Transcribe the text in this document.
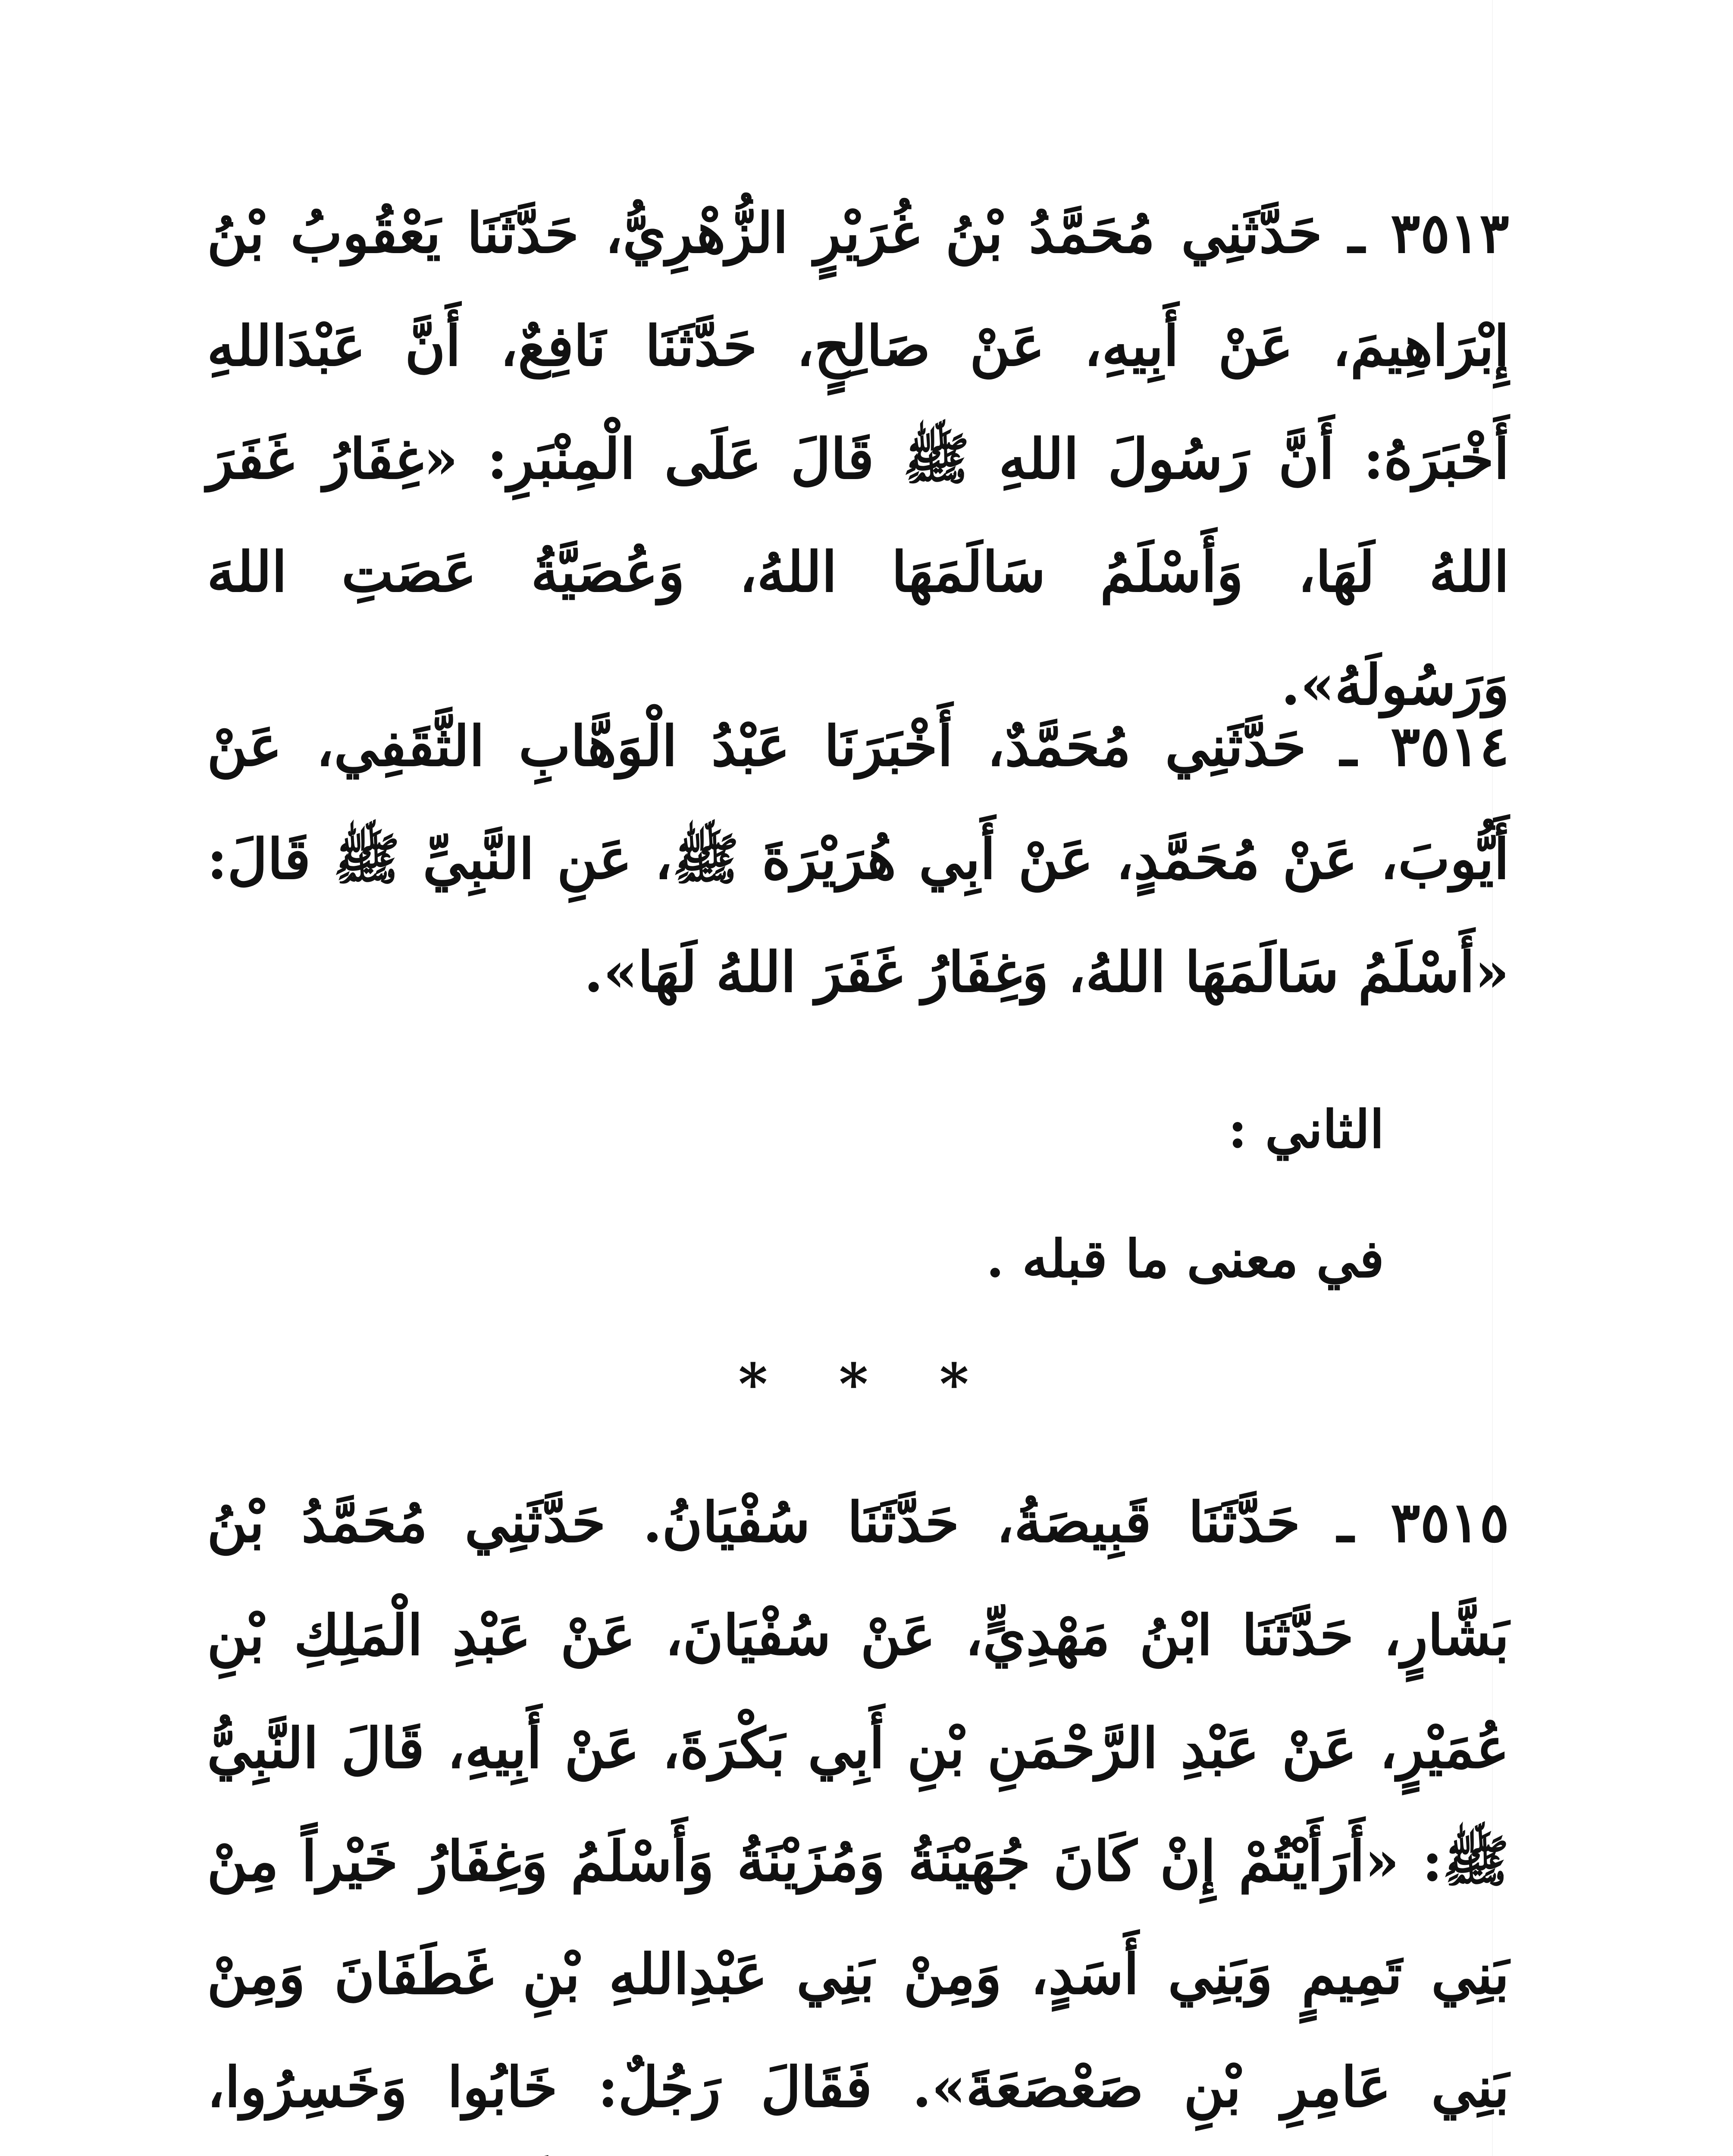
٣٥١٣ ـ حَدَّثَنِي مُحَمَّدُ بْنُ غُرَيْرٍ الزُّهْرِيُّ، حَدَّثَنَا يَعْقُوبُ بْنُ إِبْرَاهِيمَ، عَنْ أَبِيهِ، عَنْ صَالِحٍ، حَدَّثَنَا نَافِعٌ، أَنَّ عَبْدَاللهِ أَخْبَرَهُ: أَنَّ رَسُولَ اللهِ ﷺ قَالَ عَلَى الْمِنْبَرِ: «غِفَارُ غَفَرَ اللهُ لَهَا، وَأَسْلَمُ سَالَمَهَا اللهُ، وَعُصَيَّةُ عَصَتِ اللهَ وَرَسُولَهُ».
٣٥١٤ ـ حَدَّثَنِي مُحَمَّدٌ، أَخْبَرَنَا عَبْدُ الْوَهَّابِ الثَّقَفِي، عَنْ أَيُّوبَ، عَنْ مُحَمَّدٍ، عَنْ أَبِي هُرَيْرَةَ ﷺ، عَنِ النَّبِيِّ ﷺ قَالَ: «أَسْلَمُ سَالَمَهَا اللهُ، وَغِفَارُ غَفَرَ اللهُ لَهَا».
الثاني :
في معنى ما قبله .
* * *
٣٥١٥ ـ حَدَّثَنَا قَبِيصَةُ، حَدَّثَنَا سُفْيَانُ. حَدَّثَنِي مُحَمَّدُ بْنُ بَشَّارٍ، حَدَّثَنَا ابْنُ مَهْدِيٍّ، عَنْ سُفْيَانَ، عَنْ عَبْدِ الْمَلِكِ بْنِ عُمَيْرٍ، عَنْ عَبْدِ الرَّحْمَنِ بْنِ أَبِي بَكْرَةَ، عَنْ أَبِيهِ، قَالَ النَّبِيُّ ﷺ: «أَرَأَيْتُمْ إِنْ كَانَ جُهَيْنَةُ وَمُزَيْنَةُ وَأَسْلَمُ وَغِفَارُ خَيْراً مِنْ بَنِي تَمِيمٍ وَبَنِي أَسَدٍ، وَمِنْ بَنِي عَبْدِاللهِ بْنِ غَطَفَانَ وَمِنْ بَنِي عَامِرِ بْنِ صَعْصَعَةَ». فَقَالَ رَجُلٌ: خَابُوا وَخَسِرُوا،
